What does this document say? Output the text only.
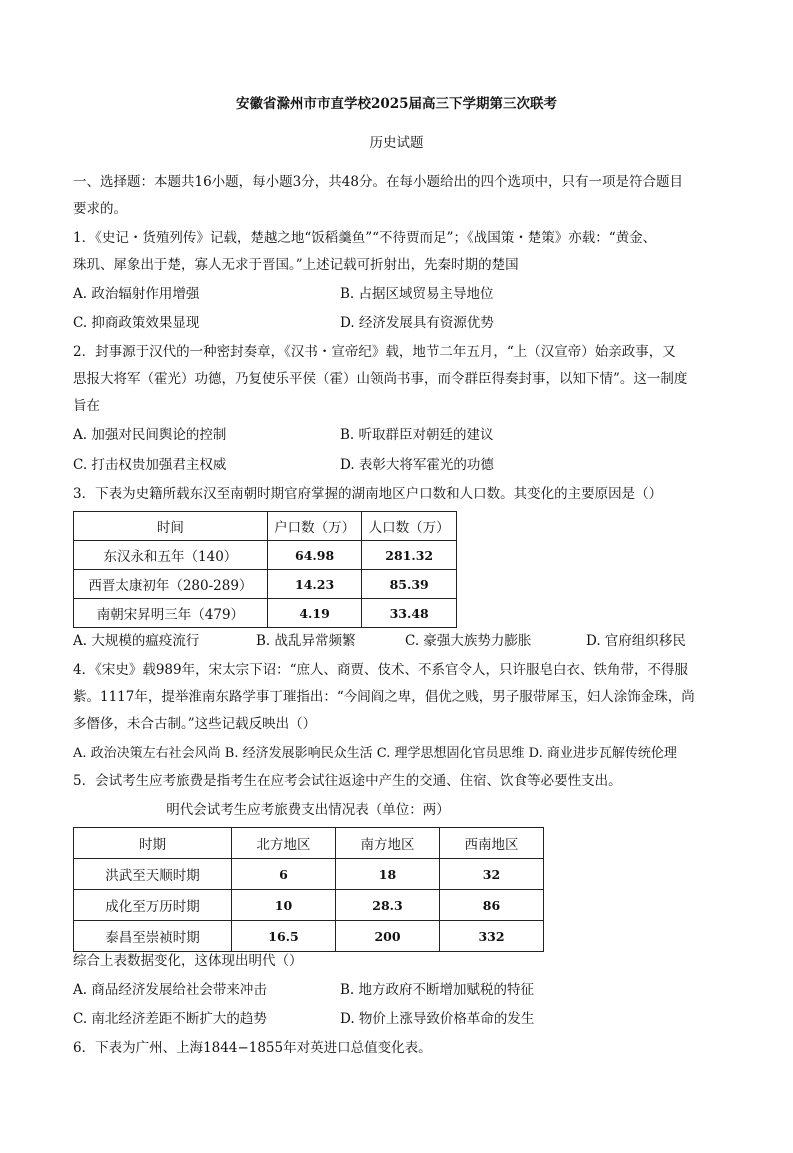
安徽省滁州市市直学校2025届高三下学期第三次联考
历史试题
一、选择题：本题共16小题，每小题3分，共48分。在每小题给出的四个选项中，只有一项是符合题目
要求的。
1．《史记・货殖列传》记载，楚越之地“饭稻羹鱼”“不待贾而足”；《战国策・楚策》亦载：“黄金、
珠玑、犀象出于楚，寡人无求于晋国。”上述记载可折射出，先秦时期的楚国
A. 政治辐射作用增强	B. 占据区域贸易主导地位
C. 抑商政策效果显现	D. 经济发展具有资源优势
2．封事源于汉代的一种密封奏章，《汉书・宣帝纪》载，地节二年五月，“上（汉宣帝）始亲政事，又
思报大将军（霍光）功德，乃复使乐平侯（霍）山领尚书事，而令群臣得奏封事，以知下情”。这一制度
旨在
A. 加强对民间舆论的控制	B. 听取群臣对朝廷的建议
C. 打击权贵加强君主权威	D. 表彰大将军霍光的功德
3．下表为史籍所载东汉至南朝时期官府掌握的湖南地区户口数和人口数。其变化的主要原因是（）
时间	户口数（万）	人口数（万）
东汉永和五年（140）	64.98	281.32
西晋太康初年（280-289）	14.23	85.39
南朝宋昇明三年（479）	4.19	33.48
A. 大规模的瘟疫流行	B. 战乱异常频繁	C. 豪强大族势力膨胀	D. 官府组织移民
4．《宋史》载989年，宋太宗下诏：“庶人、商贾、伎术、不系官令人，只许服皂白衣、铁角带，不得服
紫。1117年，提举淮南东路学事丁璀指出：“今闾阎之卑，倡优之贱，男子服带犀玉，妇人涂饰金珠，尚
多僭侈，未合古制。”这些记载反映出（）
A. 政治决策左右社会风尚 B. 经济发展影响民众生活 C. 理学思想固化官员思维 D. 商业进步瓦解传统伦理
5．会试考生应考旅费是指考生在应考会试往返途中产生的交通、住宿、饮食等必要性支出。
明代会试考生应考旅费支出情况表（单位：两）
时期	北方地区	南方地区	西南地区
洪武至天顺时期	6	18	32
成化至万历时期	10	28.3	86
泰昌至崇祯时期	16.5	200	332
综合上表数据变化，这体现出明代（）
A. 商品经济发展给社会带来冲击	B. 地方政府不断增加赋税的特征
C. 南北经济差距不断扩大的趋势	D. 物价上涨导致价格革命的发生
6．下表为广州、上海1844−1855年对英进口总值变化表。
